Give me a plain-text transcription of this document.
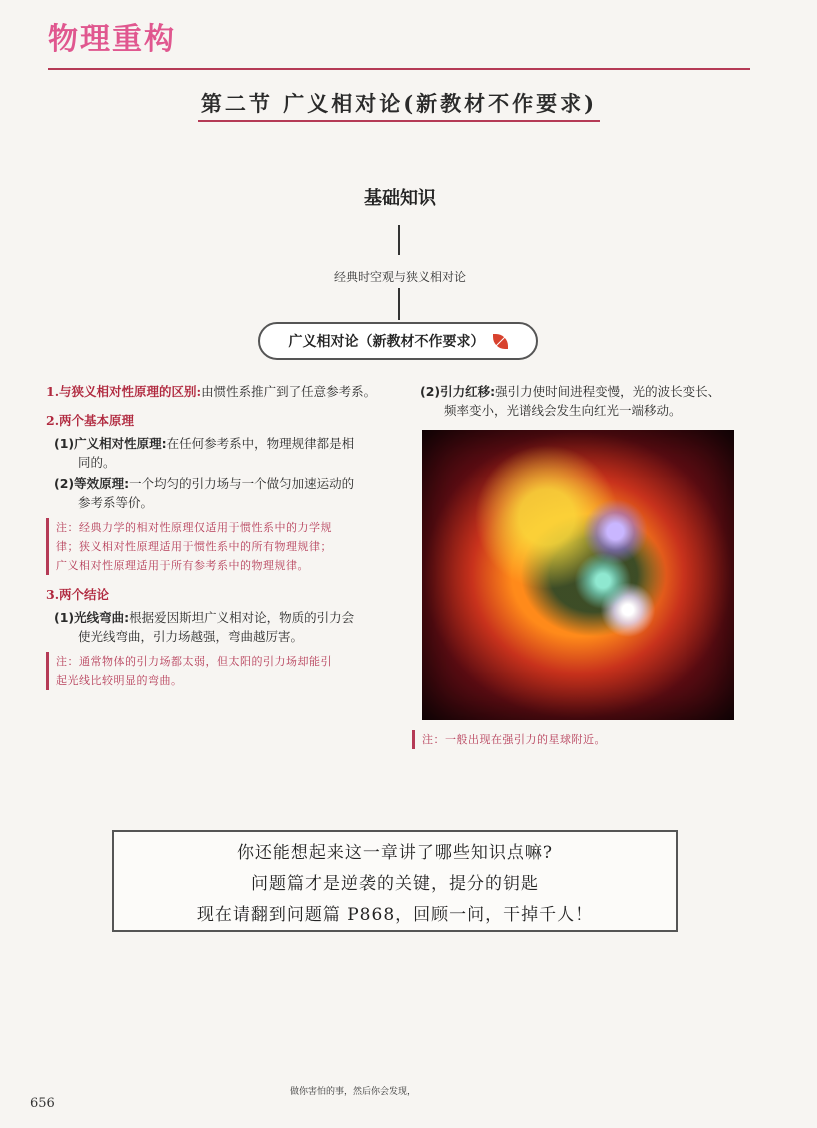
物理重构
第二节 广义相对论(新教材不作要求)
基础知识
经典时空观与狭义相对论
广义相对论（新教材不作要求）
1.与狭义相对性原理的区别:由惯性系推广到了任意参考系。
2.两个基本原理
(1)广义相对性原理:在任何参考系中，物理规律都是相
同的。
(2)等效原理:一个均匀的引力场与一个做匀加速运动的
参考系等价。
注：经典力学的相对性原理仅适用于惯性系中的力学规
律；狭义相对性原理适用于惯性系中的所有物理规律；
广义相对性原理适用于所有参考系中的物理规律。
3.两个结论
(1)光线弯曲:根据爱因斯坦广义相对论，物质的引力会
使光线弯曲，引力场越强，弯曲越厉害。
注：通常物体的引力场都太弱，但太阳的引力场却能引
起光线比较明显的弯曲。
(2)引力红移:强引力使时间进程变慢，光的波长变长、
频率变小，光谱线会发生向红光一端移动。
注：一般出现在强引力的星球附近。
你还能想起来这一章讲了哪些知识点嘛?
问题篇才是逆袭的关键，提分的钥匙
现在请翻到问题篇 P868，回顾一问，干掉千人！
做你害怕的事，然后你会发现，
656
